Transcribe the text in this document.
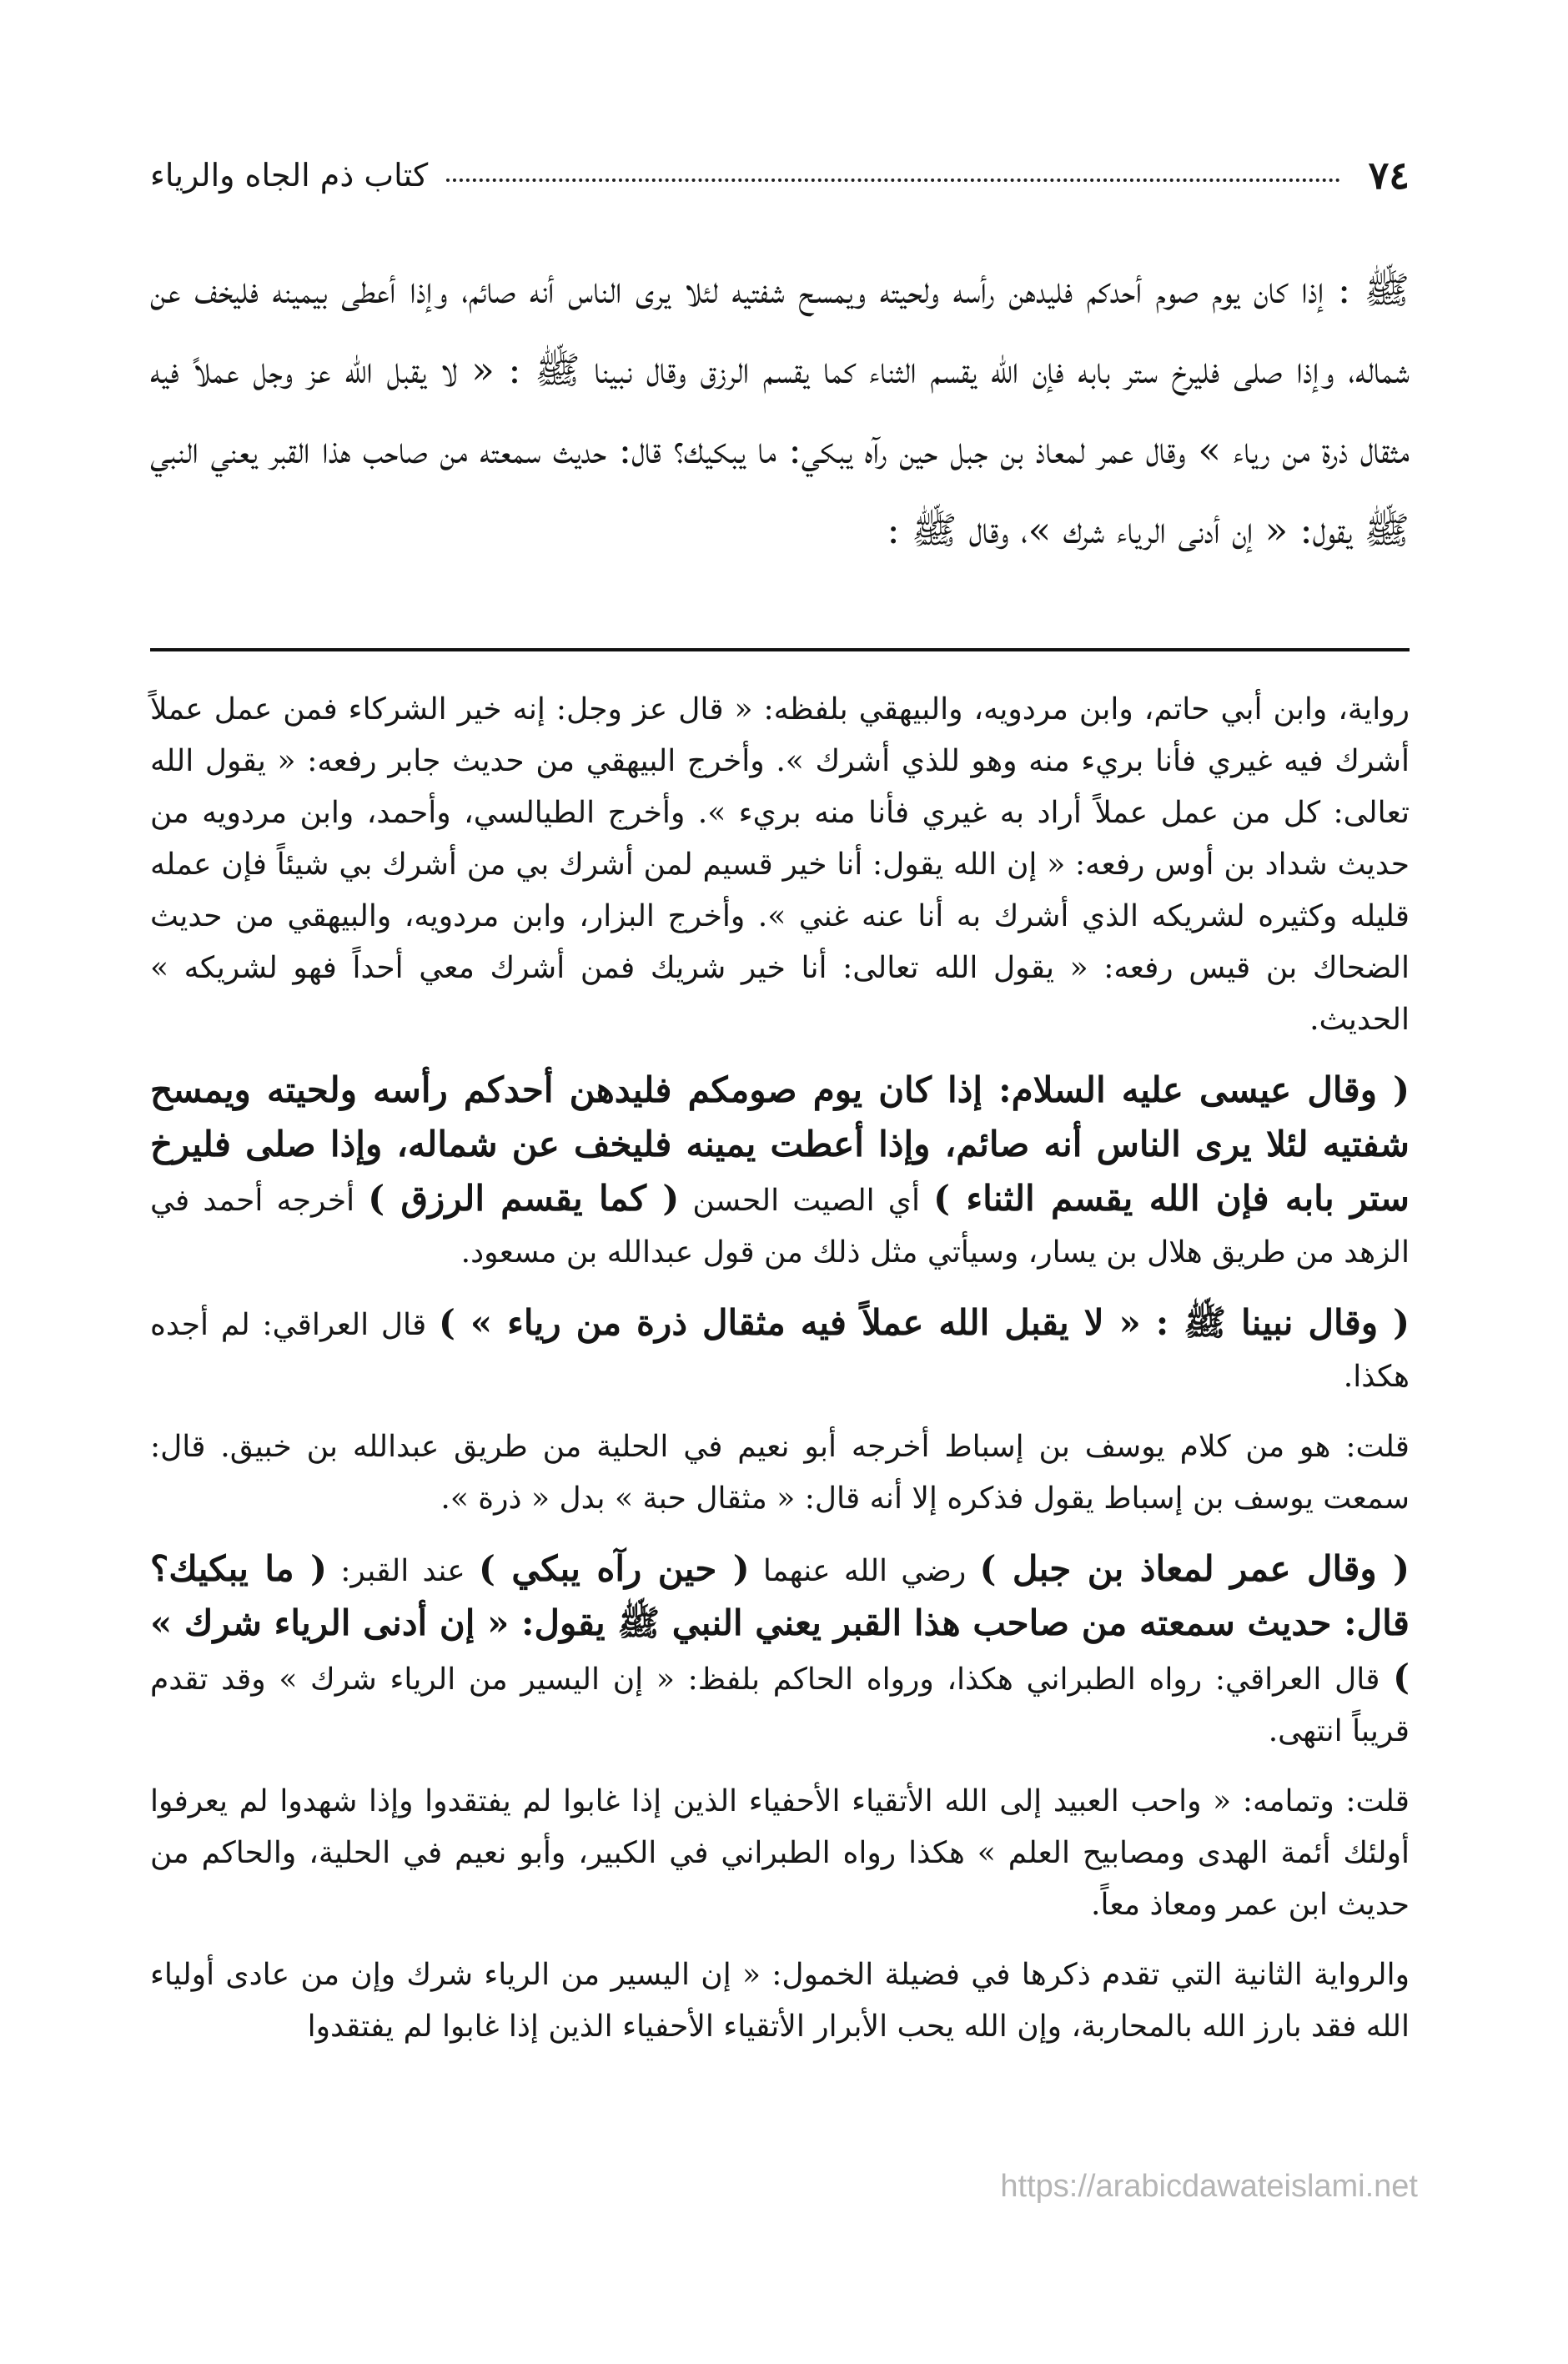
٧٤
كتاب ذم الجاه والرياء
ﷺ : إذا كان يوم صوم أحدكم فليدهن رأسه ولحيته ويمسح شفتيه لئلا يرى الناس أنه صائم، وإذا أعطى بيمينه فليخف عن شماله، وإذا صلى فليرخ ستر بابه فإن الله يقسم الثناء كما يقسم الرزق وقال نبينا ﷺ : « لا يقبل الله عز وجل عملاً فيه مثقال ذرة من رياء » وقال عمر لمعاذ بن جبل حين رآه يبكي: ما يبكيك؟ قال: حديث سمعته من صاحب هذا القبر يعني النبي ﷺ يقول: « إن أدنى الرياء شرك »، وقال ﷺ :

رواية، وابن أبي حاتم، وابن مردويه، والبيهقي بلفظه: « قال عز وجل: إنه خير الشركاء فمن عمل عملاً أشرك فيه غيري فأنا بريء منه وهو للذي أشرك ». وأخرج البيهقي من حديث جابر رفعه: « يقول الله تعالى: كل من عمل عملاً أراد به غيري فأنا منه بريء ». وأخرج الطيالسي، وأحمد، وابن مردويه من حديث شداد بن أوس رفعه: « إن الله يقول: أنا خير قسيم لمن أشرك بي من أشرك بي شيئاً فإن عمله قليله وكثيره لشريكه الذي أشرك به أنا عنه غني ». وأخرج البزار، وابن مردويه، والبيهقي من حديث الضحاك بن قيس رفعه: « يقول الله تعالى: أنا خير شريك فمن أشرك معي أحداً فهو لشريكه » الحديث.

( وقال عيسى عليه السلام: إذا كان يوم صومكم فليدهن أحدكم رأسه ولحيته ويمسح شفتيه لئلا يرى الناس أنه صائم، وإذا أعطت يمينه فليخف عن شماله، وإذا صلى فليرخ ستر بابه فإن الله يقسم الثناء ) أي الصيت الحسن ( كما يقسم الرزق ) أخرجه أحمد في الزهد من طريق هلال بن يسار، وسيأتي مثل ذلك من قول عبدالله بن مسعود.

( وقال نبينا ﷺ : « لا يقبل الله عملاً فيه مثقال ذرة من رياء » ) قال العراقي: لم أجده هكذا.

قلت: هو من كلام يوسف بن إسباط أخرجه أبو نعيم في الحلية من طريق عبدالله بن خبيق. قال: سمعت يوسف بن إسباط يقول فذكره إلا أنه قال: « مثقال حبة » بدل « ذرة ».

( وقال عمر لمعاذ بن جبل ) رضي الله عنهما ( حين رآه يبكي ) عند القبر: ( ما يبكيك؟ قال: حديث سمعته من صاحب هذا القبر يعني النبي ﷺ يقول: « إن أدنى الرياء شرك » ) قال العراقي: رواه الطبراني هكذا، ورواه الحاكم بلفظ: « إن اليسير من الرياء شرك » وقد تقدم قريباً انتهى.

قلت: وتمامه: « واحب العبيد إلى الله الأتقياء الأحفياء الذين إذا غابوا لم يفتقدوا وإذا شهدوا لم يعرفوا أولئك أئمة الهدى ومصابيح العلم » هكذا رواه الطبراني في الكبير، وأبو نعيم في الحلية، والحاكم من حديث ابن عمر ومعاذ معاً.

والرواية الثانية التي تقدم ذكرها في فضيلة الخمول: « إن اليسير من الرياء شرك وإن من عادى أولياء الله فقد بارز الله بالمحاربة، وإن الله يحب الأبرار الأتقياء الأحفياء الذين إذا غابوا لم يفتقدوا

https://arabicdawateislami.net
